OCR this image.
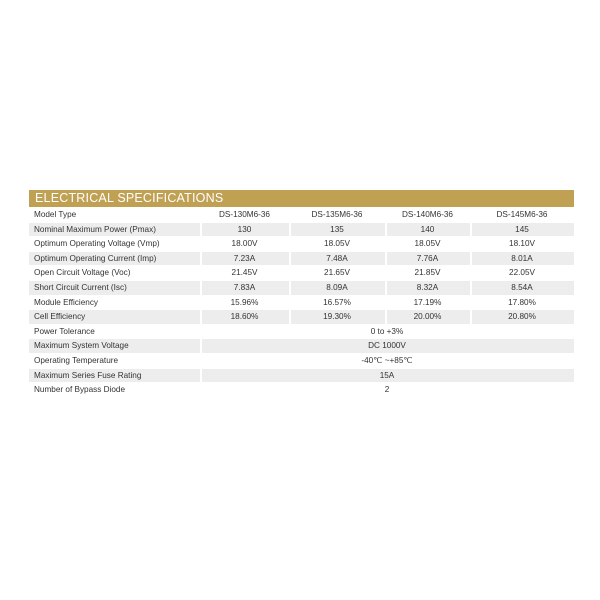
ELECTRICAL SPECIFICATIONS
Model Type	DS-130M6-36	DS-135M6-36	DS-140M6-36	DS-145M6-36
Nominal Maximum Power (Pmax)	130	135	140	145
Optimum Operating Voltage (Vmp)	18.00V	18.05V	18.05V	18.10V
Optimum Operating Current (Imp)	7.23A	7.48A	7.76A	8.01A
Open Circuit Voltage (Voc)	21.45V	21.65V	21.85V	22.05V
Short Circuit Current (Isc)	7.83A	8.09A	8.32A	8.54A
Module Efficiency	15.96%	16.57%	17.19%	17.80%
Cell Efficiency	18.60%	19.30%	20.00%	20.80%
Power Tolerance	0 to +3%			
Maximum System Voltage	DC 1000V			
Operating Temperature	-40℃ ~+85℃			
Maximum Series Fuse Rating	15A			
Number of Bypass Diode	2			
